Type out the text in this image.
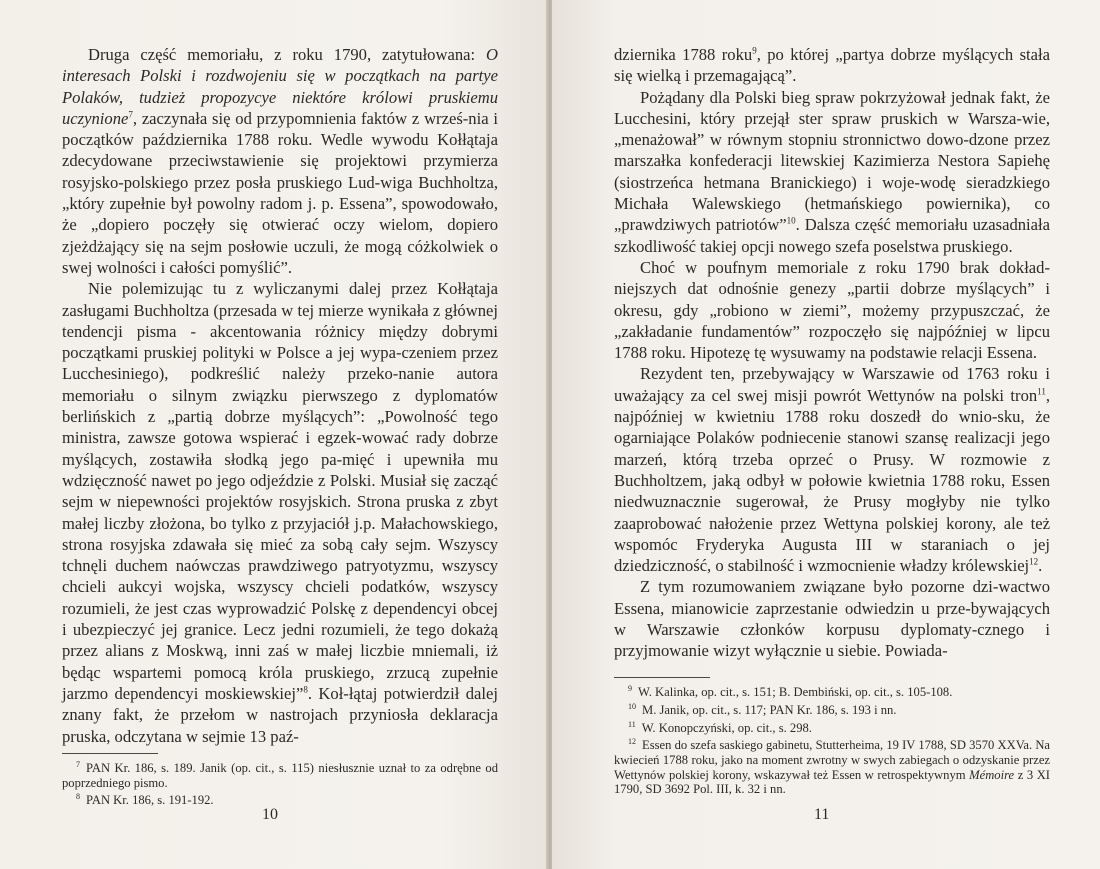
Druga część memoriału, z roku 1790, zatytułowana: O interesach Polski i rozdwojeniu się w początkach na partye Polaków, tudzież propozycye niektóre królowi pruskiemu uczynione$^7$, zaczynała się od przypomnienia faktów z wrześ-nia i początków października 1788 roku. Wedle wywodu Kołłątaja zdecydowane przeciwstawienie się projektowi przymierza rosyjsko-polskiego przez posła pruskiego Lud-wiga Buchholtza, „który zupełnie był powolny radom j. p. Essena”, spowodowało, że „dopiero poczęły się otwierać oczy wielom, dopiero zjeżdżający się na sejm posłowie uczuli, że mogą cóżkolwiek o swej wolności i całości pomyślić”.

Nie polemizując tu z wyliczanymi dalej przez Kołłątaja zasługami Buchholtza (przesada w tej mierze wynikała z głównej tendencji pisma - akcentowania różnicy między dobrymi początkami pruskiej polityki w Polsce a jej wypa-czeniem przez Lucchesiniego), podkreślić należy przeko-nanie autora memoriału o silnym związku pierwszego z dyplomatów berlińskich z „partią dobrze myślących”: „Powolność tego ministra, zawsze gotowa wspierać i egzek-wować rady dobrze myślących, zostawiła słodką jego pa-mięć i upewniła mu wdzięczność nawet po jego odjeździe z Polski. Musiał się zacząć sejm w niepewności projektów rosyjskich. Strona pruska z zbyt małej liczby złożona, bo tylko z przyjaciół j.p. Małachowskiego, strona rosyjska zdawała się mieć za sobą cały sejm. Wszyscy tchnęli duchem naówczas prawdziwego patryotyzmu, wszyscy chcieli aukcyi wojska, wszyscy chcieli podatków, wszyscy rozumieli, że jest czas wyprowadzić Polskę z dependencyi obcej i ubezpieczyć jej granice. Lecz jedni rozumieli, że tego dokażą przez alians z Moskwą, inni zaś w małej liczbie mniemali, iż będąc wspartemi pomocą króla pruskiego, zrzucą zupełnie jarzmo dependencyi moskiewskiej”$^8$. Koł-łątaj potwierdził dalej znany fakt, że przełom w nastrojach przyniosła deklaracja pruska, odczytana w sejmie 13 paź-

$^7$ PAN Kr. 186, s. 189. Janik (op. cit., s. 115) niesłusznie uznał to za odrębne od poprzedniego pismo.

$^8$ PAN Kr. 186, s. 191-192.

10

dziernika 1788 roku$^9$, po której „partya dobrze myślących stała się wielką i przemagającą”.

Pożądany dla Polski bieg spraw pokrzyżował jednak fakt, że Lucchesini, który przejął ster spraw pruskich w Warsza-wie, „menażował” w równym stopniu stronnictwo dowo-dzone przez marszałka konfederacji litewskiej Kazimierza Nestora Sapiehę (siostrzeńca hetmana Branickiego) i woje-wodę sieradzkiego Michała Walewskiego (hetmańskiego powiernika), co „prawdziwych patriotów”$^{10}$. Dalsza część memoriału uzasadniała szkodliwość takiej opcji nowego szefa poselstwa pruskiego.

Choć w poufnym memoriale z roku 1790 brak dokład-niejszych dat odnośnie genezy „partii dobrze myślących” i okresu, gdy „robiono w ziemi”, możemy przypuszczać, że „zakładanie fundamentów” rozpoczęło się najpóźniej w lipcu 1788 roku. Hipotezę tę wysuwamy na podstawie relacji Essena.

Rezydent ten, przebywający w Warszawie od 1763 roku i uważający za cel swej misji powrót Wettynów na polski tron$^{11}$, najpóźniej w kwietniu 1788 roku doszedł do wnio-sku, że ogarniające Polaków podniecenie stanowi szansę realizacji jego marzeń, którą trzeba oprzeć o Prusy. W rozmowie z Buchholtzem, jaką odbył w połowie kwietnia 1788 roku, Essen niedwuznacznie sugerował, że Prusy mogłyby nie tylko zaaprobować nałożenie przez Wettyna polskiej korony, ale też wspomóc Fryderyka Augusta III w staraniach o jej dziedziczność, o stabilność i wzmocnienie władzy królewskiej$^{12}$.

Z tym rozumowaniem związane było pozorne dzi-wactwo Essena, mianowicie zaprzestanie odwiedzin u prze-bywających w Warszawie członków korpusu dyplomaty-cznego i przyjmowanie wizyt wyłącznie u siebie. Powiada-

$^9$ W. Kalinka, op. cit., s. 151; B. Dembiński, op. cit., s. 105-108.

$^{10}$ M. Janik, op. cit., s. 117; PAN Kr. 186, s. 193 i nn.

$^{11}$ W. Konopczyński, op. cit., s. 298.

$^{12}$ Essen do szefa saskiego gabinetu, Stutterheima, 19 IV 1788, SD 3570 XXVa. Na kwiecień 1788 roku, jako na moment zwrotny w swych zabiegach o odzyskanie przez Wettynów polskiej korony, wskazywał też Essen w retrospektywnym Mémoire z 3 XI 1790, SD 3692 Pol. III, k. 32 i nn.

11
